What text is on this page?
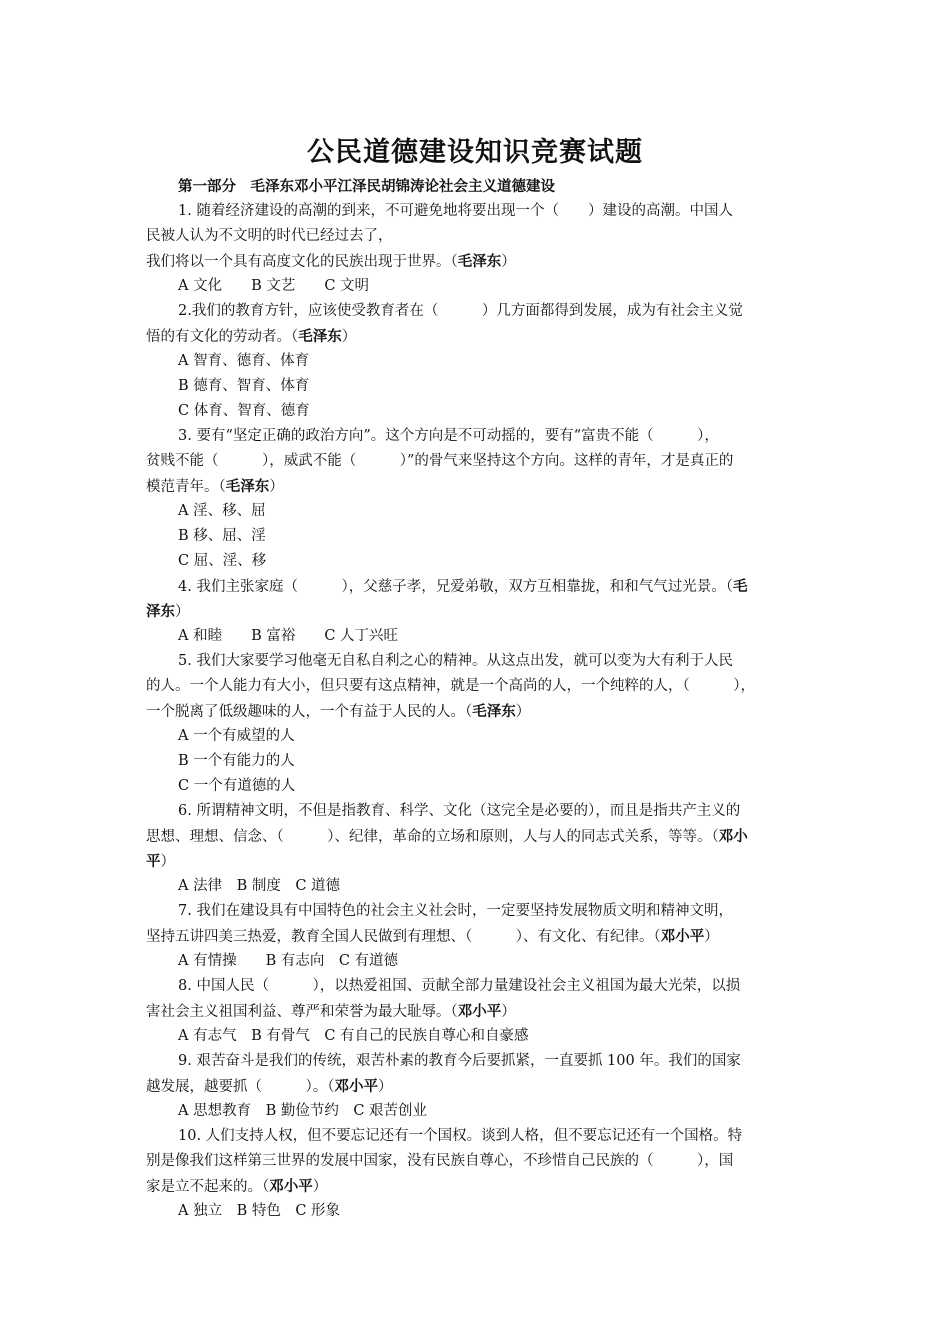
公民道德建设知识竞赛试题
第一部分　毛泽东邓小平江泽民胡锦涛论社会主义道德建设
1. 随着经济建设的高潮的到来，不可避免地将要出现一个（　　）建设的高潮。中国人
民被人认为不文明的时代已经过去了，
我们将以一个具有高度文化的民族出现于世界。（毛泽东）
A 文化　　B 文艺　　C 文明
2.我们的教育方针，应该使受教育者在（　　　）几方面都得到发展，成为有社会主义觉
悟的有文化的劳动者。（毛泽东）
A 智育、德育、体育
B 德育、智育、体育
C 体育、智育、德育
3. 要有“坚定正确的政治方向”。这个方向是不可动摇的，要有“富贵不能（　　　），
贫贱不能（　　　），威武不能（　　　）”的骨气来坚持这个方向。这样的青年，才是真正的
模范青年。（毛泽东）
A 淫、移、屈
B 移、屈、淫
C 屈、淫、移
4. 我们主张家庭（　　　），父慈子孝，兄爱弟敬，双方互相靠拢，和和气气过光景。（毛
泽东）
A 和睦　　B 富裕　　C 人丁兴旺
5. 我们大家要学习他毫无自私自利之心的精神。从这点出发，就可以变为大有利于人民
的人。一个人能力有大小，但只要有这点精神，就是一个高尚的人，一个纯粹的人，（　　　），
一个脱离了低级趣味的人，一个有益于人民的人。（毛泽东）
A 一个有威望的人
B 一个有能力的人
C 一个有道德的人
6. 所谓精神文明，不但是指教育、科学、文化（这完全是必要的），而且是指共产主义的
思想、理想、信念、（　　　）、纪律，革命的立场和原则，人与人的同志式关系，等等。（邓小
平）
A 法律　B 制度　C 道德
7. 我们在建设具有中国特色的社会主义社会时，一定要坚持发展物质文明和精神文明，
坚持五讲四美三热爱，教育全国人民做到有理想、（　　　）、有文化、有纪律。（邓小平）
A 有情操　　B 有志向　C 有道德
8. 中国人民（　　　），以热爱祖国、贡献全部力量建设社会主义祖国为最大光荣，以损
害社会主义祖国利益、尊严和荣誉为最大耻辱。（邓小平）
A 有志气　B 有骨气　C 有自己的民族自尊心和自豪感
9. 艰苦奋斗是我们的传统，艰苦朴素的教育今后要抓紧，一直要抓 100 年。我们的国家
越发展，越要抓（　　　）。（邓小平）
A 思想教育　B 勤俭节约　C 艰苦创业
10. 人们支持人权，但不要忘记还有一个国权。谈到人格，但不要忘记还有一个国格。特
别是像我们这样第三世界的发展中国家，没有民族自尊心，不珍惜自己民族的（　　　），国
家是立不起来的。（邓小平）
A 独立　B 特色　C 形象
